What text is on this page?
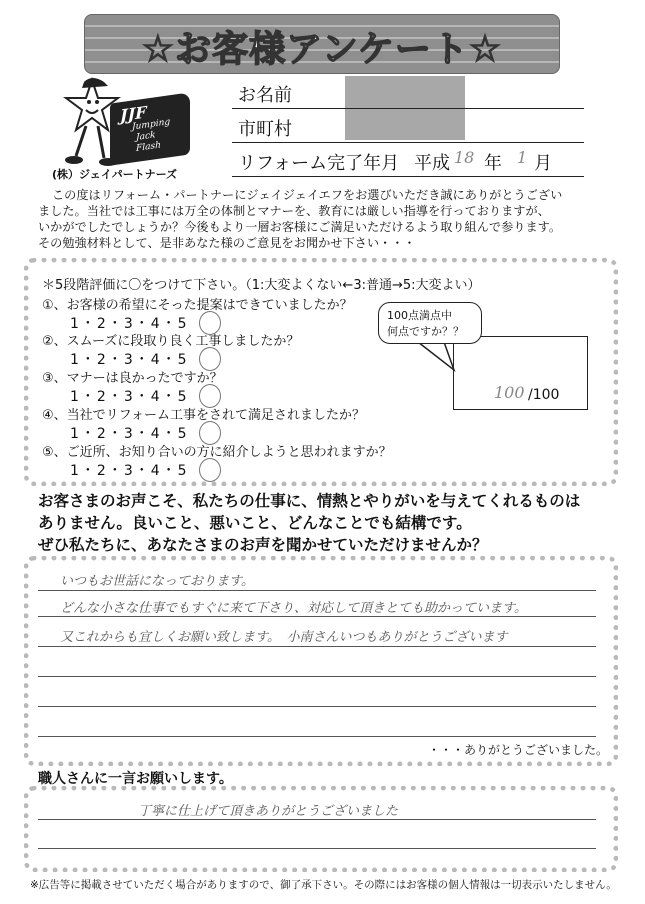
☆お客様アンケート☆
JJF
Jumping
Jack
Flash
(株）ジェイパートナーズ
お名前
市町村
リフォーム完了年月 平成 18 年 1 月
この度はリフォーム・パートナーにジェイジェイエフをお選びいただき誠にありがとうござい
ました。当社では工事には万全の体制とマナーを、教育には厳しい指導を行っておりますが、
いかがでしたでしょうか？今後もより一層お客様にご満足いただけるよう取り組んで参ります。
その勉強材料として、是非あなた様のご意見をお聞かせ下さい・・・
＊5段階評価に〇をつけて下さい。（1:大変よくない←3:普通→5:大変よい）
①、お客様の希望にそった提案はできていましたか？
1・2・3・4・5
②、スムーズに段取り良く工事しましたか？
1・2・3・4・5
③、マナーは良かったですか？
1・2・3・4・5
④、当社でリフォーム工事をされて満足されましたか？
1・2・3・4・5
⑤、ご近所、お知り合いの方に紹介しようと思われますか？
1・2・3・4・5
100 /100
100点満点中
何点ですか？？
お客さまのお声こそ、私たちの仕事に、情熱とやりがいを与えてくれるものは
ありません。良いこと、悪いこと、どんなことでも結構です。
ぜひ私たちに、あなたさまのお声を聞かせていただけませんか？
いつもお世話になっております。
どんな小さな仕事でもすぐに来て下さり、対応して頂きとても助かっています。
又これからも宜しくお願い致します。　小南さんいつもありがとうございます
・・・ありがとうございました。
職人さんに一言お願いします。
丁寧に仕上げて頂きありがとうございました
※広告等に掲載させていただく場合がありますので、御了承下さい。その際にはお客様の個人情報は一切表示いたしません。
